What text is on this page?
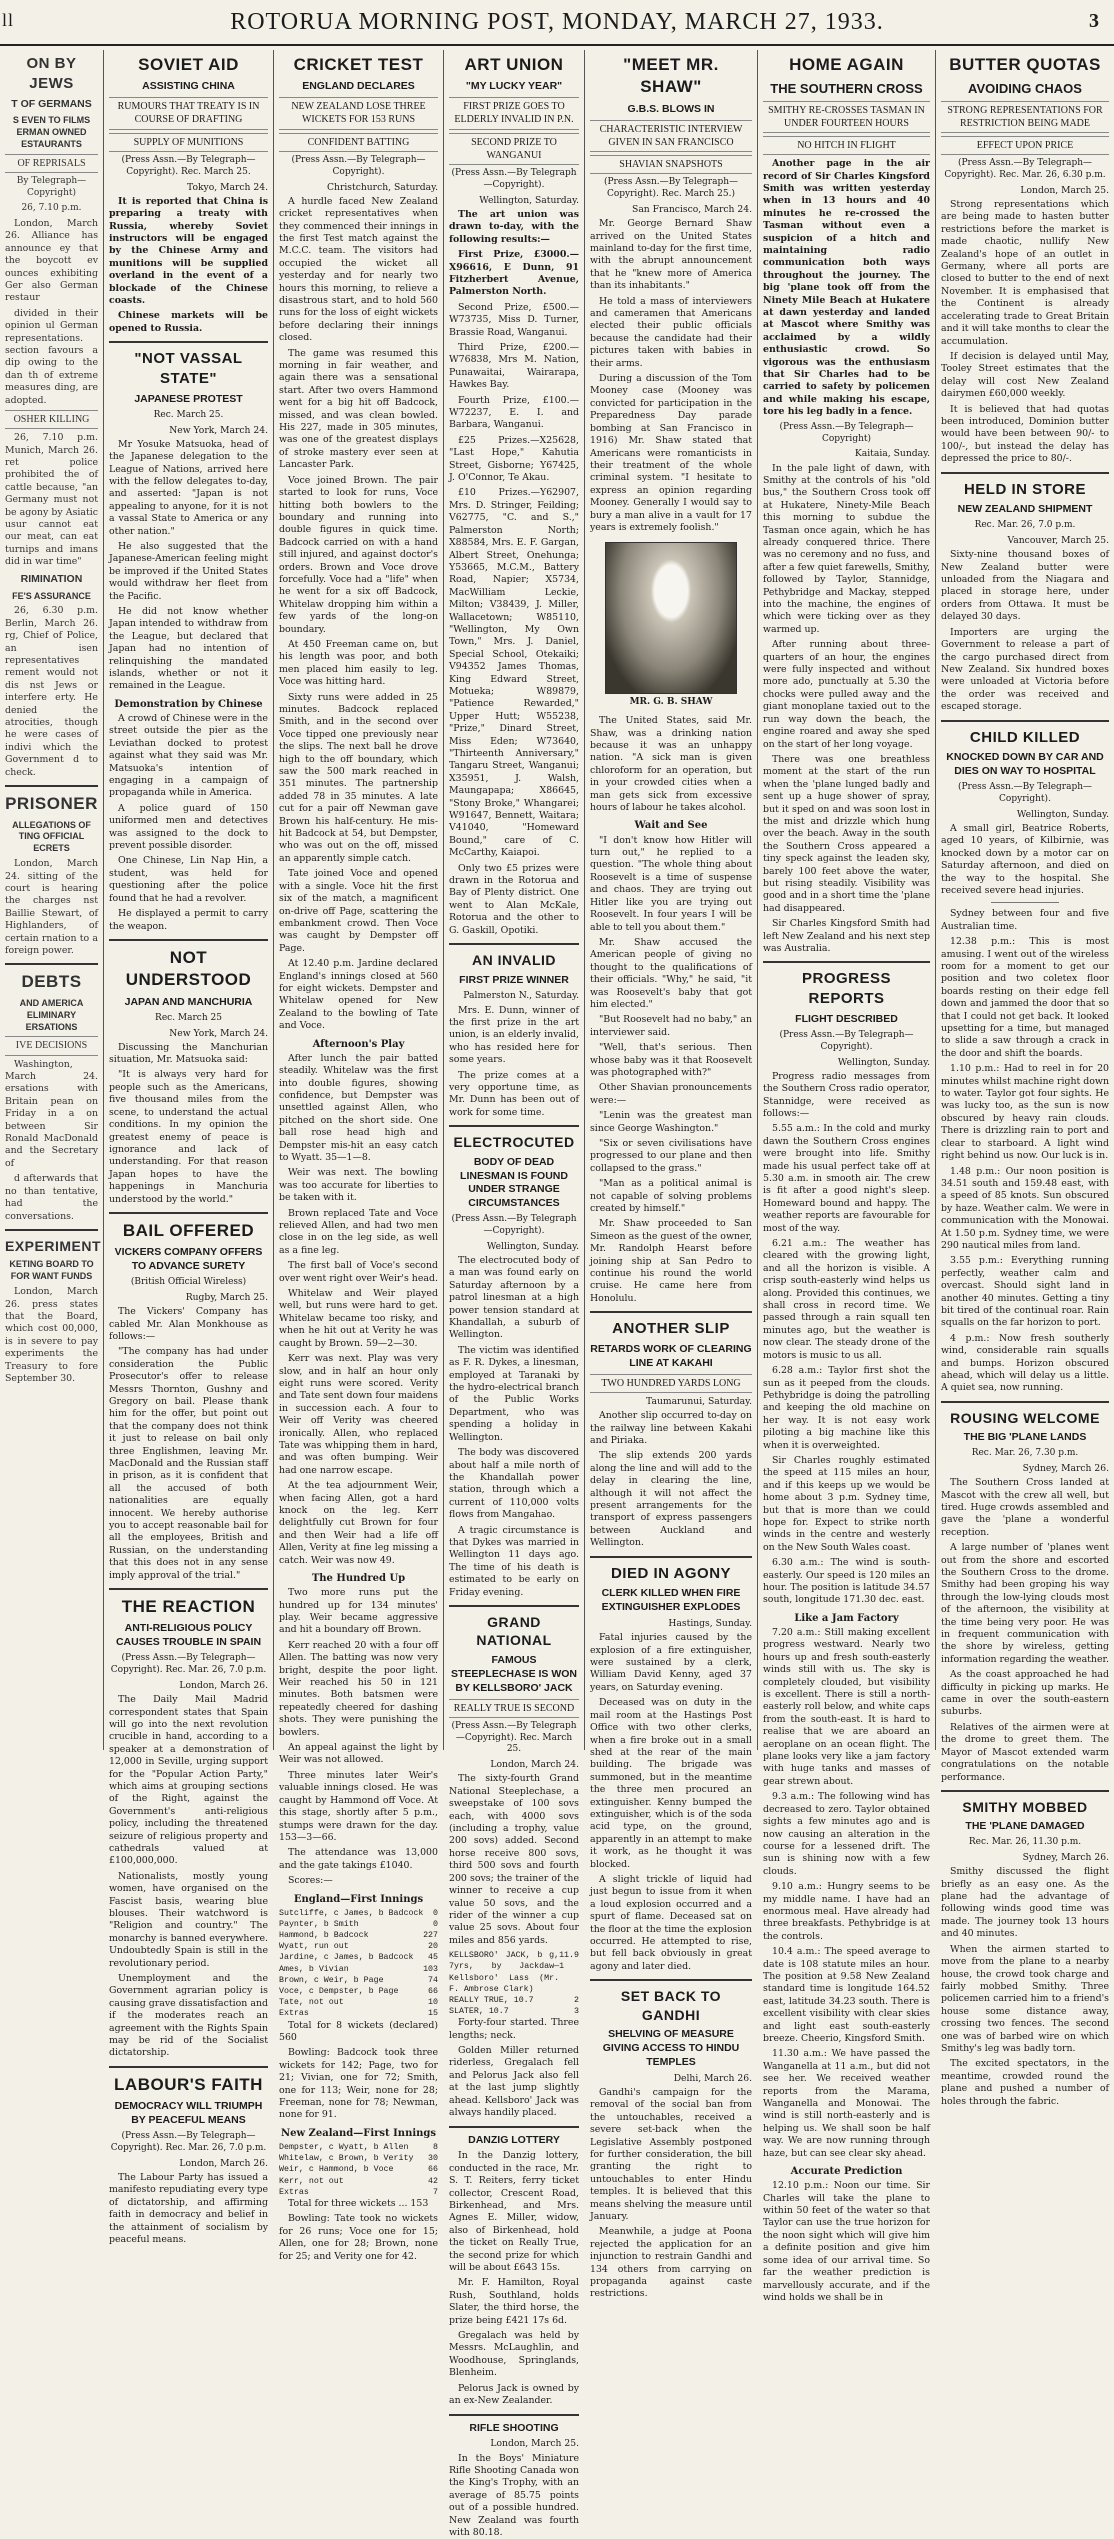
ll	ROTORUA MORNING POST, MONDAY, MARCH 27, 1933.	3
ON BY JEWS
T OF GERMANS
S EVEN TO FILMS ERMAN OWNED ESTAURANTS
OF REPRISALS
By Telegraph—Copyright)
26, 7.10 p.m.

London, March 26. Alliance has announce ey that the boycott ev ounces exhibiting Ger also German restaur

divided in their opinion ul German representations. section favours a dip owing to the dan th of extreme measures ding, are adopted.

OSHER KILLING

26, 7.10 p.m. Munich, March 26. ret police prohibited the of cattle because, "an Germany must not be agony by Asiatic usur cannot eat our meat, can eat turnips and imans did in war time"

RIMINATION
FE'S ASSURANCE

26, 6.30 p.m. Berlin, March 26. rg, Chief of Police, an isen representatives rement would not dis nst Jews or interfere erty. He denied the atrocities, though he were cases of indivi which the Government d to check.

PRISONER
ALLEGATIONS OF TING OFFICIAL ECRETS

London, March 24. sitting of the court is hearing the charges nst Baillie Stewart, of Highlanders, of certain rnation to a foreign power.

DEBTS
AND AMERICA ELIMINARY ERSATIONS
IVE DECISIONS

Washington, March 24. ersations with Britain pean on Friday in a on between Sir Ronald MacDonald and the Secretary of

d afterwards that no than tentative, had the conversations.

EXPERIMENT
KETING BOARD TO FOR WANT FUNDS

London, March 26. press states that the Board, which cost 00,000, is in severe to pay experiments the Treasury to fore September 30.

SOVIET AID
ASSISTING CHINA
RUMOURS THAT TREATY IS IN COURSE OF DRAFTING
SUPPLY OF MUNITIONS
(Press Assn.—By Telegraph—Copyright). Rec. March 25.
Tokyo, March 24.

It is reported that China is preparing a treaty with Russia, whereby Soviet instructors will be engaged by the Chinese Army and munitions will be supplied overland in the event of a blockade of the Chinese coasts.

Chinese markets will be opened to Russia.

"NOT VASSAL STATE"
JAPANESE PROTEST
Rec. March 25.
New York, March 24.

Mr Yosuke Matsuoka, head of the Japanese delegation to the League of Nations, arrived here with the fellow delegates to-day, and asserted: "Japan is not appealing to anyone, for it is not a vassal State to America or any other nation."

He also suggested that the Japanese-American feeling might be improved if the United States would withdraw her fleet from the Pacific.

He did not know whether Japan intended to withdraw from the League, but declared that Japan had no intention of relinquishing the mandated islands, whether or not it remained in the League.

Demonstration by Chinese

A crowd of Chinese were in the street outside the pier as the Leviathan docked to protest against what they said was Mr. Matsuoka's intention of engaging in a campaign of propaganda while in America.

A police guard of 150 uniformed men and detectives was assigned to the dock to prevent possible disorder.

One Chinese, Lin Nap Hin, a student, was held for questioning after the police found that he had a revolver.

He displayed a permit to carry the weapon.

NOT UNDERSTOOD
JAPAN AND MANCHURIA
Rec. March 25
New York, March 24.

Discussing the Manchurian situation, Mr. Matsuoka said:

"It is always very hard for people such as the Americans, five thousand miles from the scene, to understand the actual conditions. In my opinion the greatest enemy of peace is ignorance and lack of understanding. For that reason Japan hopes to have the happenings in Manchuria understood by the world."

BAIL OFFERED
VICKERS COMPANY OFFERS TO ADVANCE SURETY
(British Official Wireless)
Rugby, March 25.

The Vickers' Company has cabled Mr. Alan Monkhouse as follows:—

"The company has had under consideration the Public Prosecutor's offer to release Messrs Thornton, Gushny and Gregory on bail. Please thank him for the offer, but point out that the company does not think it just to release on bail only three Englishmen, leaving Mr. MacDonald and the Russian staff in prison, as it is confident that all the accused of both nationalities are equally innocent. We hereby authorise you to accept reasonable bail for all the employees, British and Russian, on the understanding that this does not in any sense imply approval of the trial."

THE REACTION
ANTI-RELIGIOUS POLICY CAUSES TROUBLE IN SPAIN
(Press Assn.—By Telegraph—Copyright). Rec. Mar. 26, 7.0 p.m.
London, March 26.

The Daily Mail Madrid correspondent states that Spain will go into the next revolution crucible in hand, according to a speaker at a demonstration of 12,000 in Seville, urging support for the "Popular Action Party," which aims at grouping sections of the Right, against the Government's anti-religious policy, including the threatened seizure of religious property and cathedrals valued at £100,000,000.

Nationalists, mostly young women, have organised on the Fascist basis, wearing blue blouses. Their watchword is "Religion and country." The monarchy is banned everywhere. Undoubtedly Spain is still in the revolutionary period.

Unemployment and the Government agrarian policy is causing grave dissatisfaction and if the moderates reach an agreement with the Rights Spain may be rid of the Socialist dictatorship.

LABOUR'S FAITH
DEMOCRACY WILL TRIUMPH BY PEACEFUL MEANS
(Press Assn.—By Telegraph—Copyright). Rec. Mar. 26, 7.0 p.m.
London, March 26.

The Labour Party has issued a manifesto repudiating every type of dictatorship, and affirming faith in democracy and belief in the attainment of socialism by peaceful means.

CRICKET TEST
ENGLAND DECLARES
NEW ZEALAND LOSE THREE WICKETS FOR 153 RUNS
CONFIDENT BATTING
(Press Assn.—By Telegraph—Copyright).
Christchurch, Saturday.

A hurdle faced New Zealand cricket representatives when they commenced their innings in the first Test match against the M.C.C. team. The visitors had occupied the wicket all yesterday and for nearly two hours this morning, to relieve a disastrous start, and to hold 560 runs for the loss of eight wickets before declaring their innings closed.

The game was resumed this morning in fair weather, and again there was a sensational start. After two overs Hammond went for a big hit off Badcock, missed, and was clean bowled. His 227, made in 305 minutes, was one of the greatest displays of stroke mastery ever seen at Lancaster Park.

Voce joined Brown. The pair started to look for runs, Voce hitting both bowlers to the boundary and running into double figures in quick time. Badcock carried on with a hand still injured, and against doctor's orders. Brown and Voce drove forcefully. Voce had a "life" when he went for a six off Badcock, Whitelaw dropping him within a few yards of the long-on boundary.

At 450 Freeman came on, but his length was poor, and both men placed him easily to leg. Voce was hitting hard.

Sixty runs were added in 25 minutes. Badcock replaced Smith, and in the second over Voce tipped one previously near the slips. The next ball he drove high to the off boundary, which saw the 500 mark reached in 351 minutes. The partnership added 78 in 35 minutes. A late cut for a pair off Newman gave Brown his half-century. He mis-hit Badcock at 54, but Dempster, who was out on the off, missed an apparently simple catch.

Tate joined Voce and opened with a single. Voce hit the first six of the match, a magnificent on-drive off Page, scattering the embankment crowd. Then Voce was caught by Dempster off Page.

At 12.40 p.m. Jardine declared England's innings closed at 560 for eight wickets. Dempster and Whitelaw opened for New Zealand to the bowling of Tate and Voce.

Afternoon's Play

After lunch the pair batted steadily. Whitelaw was the first into double figures, showing confidence, but Dempster was unsettled against Allen, who pitched on the short side. One ball rose head high and Dempster mis-hit an easy catch to Wyatt. 35—1—8.

Weir was next. The bowling was too accurate for liberties to be taken with it.

Brown replaced Tate and Voce relieved Allen, and had two men close in on the leg side, as well as a fine leg.

The first ball of Voce's second over went right over Weir's head.

Whitelaw and Weir played well, but runs were hard to get. Whitelaw became too risky, and when he hit out at Verity he was caught by Brown. 59—2—30.

Kerr was next. Play was very slow, and in half an hour only eight runs were scored. Verity and Tate sent down four maidens in succession each. A four to Weir off Verity was cheered ironically. Allen, who replaced Tate was whipping them in hard, and was often bumping. Weir had one narrow escape.

At the tea adjournment Weir, when facing Allen, got a hard knock on the leg. Kerr delightfully cut Brown for four and then Weir had a life off Allen, Verity at fine leg missing a catch. Weir was now 49.

The Hundred Up

Two more runs put the hundred up for 134 minutes' play. Weir became aggressive and hit a boundary off Brown.

Kerr reached 20 with a four off Allen. The batting was now very bright, despite the poor light. Weir reached his 50 in 121 minutes. Both batsmen were repeatedly cheered for dashing shots. They were punishing the bowlers.

An appeal against the light by Weir was not allowed.

Three minutes later Weir's valuable innings closed. He was caught by Hammond off Voce. At this stage, shortly after 5 p.m., stumps were drawn for the day. 153—3—66.

The attendance was 13,000 and the gate takings £1040.

Scores:—

England—First Innings
Sutcliffe, c James, b Badcock 0
Paynter, b Smith	0
Hammond, b Badcock	227
Wyatt, run out	20
Jardine, c James, b Badcock 45
Ames, b Vivian	103
Brown, c Weir, b Page	74
Voce, c Dempster, b Page	66
Tate, not out	10
Extras	15

Total for 8 wickets (declared) 560

Bowling: Badcock took three wickets for 142; Page, two for 21; Vivian, one for 72; Smith, one for 113; Weir, none for 28; Freeman, none for 78; Newman, none for 91.

New Zealand—First Innings
Dempster, c Wyatt, b Allen	8
Whitelaw, c Brown, b Verity 30
Weir, c Hammond, b Voce	66
Kerr, not out	42
Extras	7

Total for three wickets ... 153

Bowling: Tate took no wickets for 26 runs; Voce one for 15; Allen, one for 28; Brown, none for 25; and Verity one for 42.

ART UNION
"MY LUCKY YEAR"
FIRST PRIZE GOES TO ELDERLY INVALID IN P.N.
SECOND PRIZE TO WANGANUI
(Press Assn.—By Telegraph—Copyright).
Wellington, Saturday.

The art union was drawn to-day, with the following results:—

First Prize, £3000.—X96616, E Dunn, 91 Fitzherbert Avenue, Palmerston North.

Second Prize, £500.—W73735, Miss D. Turner, Brassie Road, Wanganui.

Third Prize, £200.—W76838, Mrs M. Nation, Punawaitai, Wairarapa, Hawkes Bay.

Fourth Prize, £100.—W72237, E. I. and Barbara, Wanganui.

£25 Prizes.—X25628, "Last Hope," Kahutia Street, Gisborne; Y67425, J. O'Connor, Te Akau.

£10 Prizes.—Y62907, Mrs. D. Stringer, Feilding; V62775, "C. and S.," Palmerston North; X88584, Mrs. E. F. Gargan, Albert Street, Onehunga; Y53665, M.C.M., Battery Road, Napier; X5734, MacWilliam Leckie, Milton; V38439, J. Miller, Wallacetown; W85110, "Wellington, My Own Town," Mrs. J. Daniel, Special School, Otekaiki; V94352 James Thomas, King Edward Street, Motueka; W89879, "Patience Rewarded," Upper Hutt; W55238, "Prize," Dinard Street, Miss Eden; W73640, "Thirteenth Anniversary," Tangaru Street, Wanganui; X35951, J. Walsh, Maungapapa; X86645, "Stony Broke," Whangarei; W91647, Bennett, Waitara; V41040, "Homeward Bound," care of C. McCarthy, Kaiapoi.

Only two £5 prizes were drawn in the Rotorua and Bay of Plenty district. One went to Alan McKale, Rotorua and the other to G. Gaskill, Opotiki.

AN INVALID
FIRST PRIZE WINNER
Palmerston N., Saturday.

Mrs. E. Dunn, winner of the first prize in the art union, is an elderly invalid, who has resided here for some years.

The prize comes at a very opportune time, as Mr. Dunn has been out of work for some time.

ELECTROCUTED
BODY OF DEAD LINESMAN IS FOUND UNDER STRANGE CIRCUMSTANCES
(Press Assn.—By Telegraph—Copyright).
Wellington, Sunday.

The electrocuted body of a man was found early on Saturday afternoon by a patrol linesman at a high power tension standard at Khandallah, a suburb of Wellington.

The victim was identified as F. R. Dykes, a linesman, employed at Taranaki by the hydro-electrical branch of the Public Works Department, who was spending a holiday in Wellington.

The body was discovered about half a mile north of the Khandallah power station, through which a current of 110,000 volts flows from Mangahao.

A tragic circumstance is that Dykes was married in Wellington 11 days ago. The time of his death is estimated to be early on Friday evening.

GRAND NATIONAL
FAMOUS STEEPLECHASE IS WON BY KELLSBORO' JACK
REALLY TRUE IS SECOND
(Press Assn.—By Telegraph—Copyright). Rec. March 25.
London, March 24.

The sixty-fourth Grand National Steeplechase, a sweepstake of 100 sovs each, with 4000 sovs (including a trophy, value 200 sovs) added. Second horse receive 800 sovs, third 500 sovs and fourth 200 sovs; the trainer of the winner to receive a cup value 50 sovs, and the rider of the winner a cup value 25 sovs. About four miles and 856 yards.

KELLSBORO' JACK, b g, 7yrs, by Jackdaw—Kellsboro' Lass (Mr. F. Ambrose Clark)
11.9 1
REALLY TRUE, 10.7	2
SLATER, 10.7	3

Forty-four started. Three lengths; neck.

Golden Miller returned riderless, Gregalach fell and Pelorus Jack also fell at the last jump slightly ahead. Kellsboro' Jack was always handily placed.

DANZIG LOTTERY

In the Danzig lottery, conducted in the race, Mr. S. T. Reiters, ferry ticket collector, Crescent Road, Birkenhead, and Mrs. Agnes E. Miller, widow, also of Birkenhead, hold the ticket on Really True, the second prize for which will be about £643 15s.

Mr. F. Hamilton, Royal Rush, Southland, holds Slater, the third horse, the prize being £421 17s 6d.

Gregalach was held by Messrs. McLaughlin, and Woodhouse, Springlands, Blenheim.

Pelorus Jack is owned by an ex-New Zealander.

RIFLE SHOOTING
London, March 25.

In the Boys' Miniature Rifle Shooting Canada won the King's Trophy, with an average of 85.75 points out of a possible hundred. New Zealand was fourth with 80.18.

"MEET MR. SHAW"
G.B.S. BLOWS IN
CHARACTERISTIC INTERVIEW GIVEN IN SAN FRANCISCO
SHAVIAN SNAPSHOTS
(Press Assn.—By Telegraph—Copyright). Rec. March 25.)
San Francisco, March 24.

Mr. George Bernard Shaw arrived on the United States mainland to-day for the first time, with the abrupt announcement that he "knew more of America than its inhabitants."

He told a mass of interviewers and cameramen that Americans elected their public officials because the candidate had their pictures taken with babies in their arms.

During a discussion of the Tom Mooney case (Mooney was convicted for participation in the Preparedness Day parade bombing at San Francisco in 1916) Mr. Shaw stated that Americans were romanticists in their treatment of the whole criminal system. "I hesitate to express an opinion regarding Mooney. Generally I would say to bury a man alive in a vault for 17 years is extremely foolish."

MR. G. B. SHAW

The United States, said Mr. Shaw, was a drinking nation because it was an unhappy nation. "A sick man is given chloroform for an operation, but in your crowded cities when a man gets sick from excessive hours of labour he takes alcohol.

Wait and See

"I don't know how Hitler will turn out," he replied to a question. "The whole thing about Roosevelt is a time of suspense and chaos. They are trying out Hitler like you are trying out Roosevelt. In four years I will be able to tell you about them."

Mr. Shaw accused the American people of giving no thought to the qualifications of their officials. "Why," he said, "it was Roosevelt's baby that got him elected."

"But Roosevelt had no baby," an interviewer said.

"Well, that's serious. Then whose baby was it that Roosevelt was photographed with?"

Other Shavian pronouncements were:—

"Lenin was the greatest man since George Washington."

"Six or seven civilisations have progressed to our plane and then collapsed to the grass."

"Man as a political animal is not capable of solving problems created by himself."

Mr. Shaw proceeded to San Simeon as the guest of the owner, Mr. Randolph Hearst before joining ship at San Pedro to continue his round the world cruise. He came here from Honolulu.

ANOTHER SLIP
RETARDS WORK OF CLEARING LINE AT KAKAHI
TWO HUNDRED YARDS LONG
Taumarunui, Saturday.

Another slip occurred to-day on the railway line between Kakahi and Piriaka.

The slip extends 200 yards along the line and will add to the delay in clearing the line, although it will not affect the present arrangements for the transport of express passengers between Auckland and Wellington.

DIED IN AGONY
CLERK KILLED WHEN FIRE EXTINGUISHER EXPLODES
Hastings, Sunday.

Fatal injuries caused by the explosion of a fire extinguisher, were sustained by a clerk, William David Kenny, aged 37 years, on Saturday evening.

Deceased was on duty in the mail room at the Hastings Post Office with two other clerks, when a fire broke out in a small shed at the rear of the main building. The brigade was summoned, but in the meantime the three men procured an extinguisher. Kenny bumped the extinguisher, which is of the soda acid type, on the ground, apparently in an attempt to make it work, as he thought it was blocked.

A slight trickle of liquid had just begun to issue from it when a loud explosion occurred and a spurt of flame. Deceased sat on the floor at the time the explosion occurred. He attempted to rise, but fell back obviously in great agony and later died.

SET BACK TO GANDHI
SHELVING OF MEASURE GIVING ACCESS TO HINDU TEMPLES
Delhi, March 26.

Gandhi's campaign for the removal of the social ban from the untouchables, received a severe set-back when the Legislative Assembly postponed for further consideration, the bill granting the right to untouchables to enter Hindu temples. It is believed that this means shelving the measure until January.

Meanwhile, a judge at Poona rejected the application for an injunction to restrain Gandhi and 134 others from carrying on propaganda against caste restrictions.

HOME AGAIN
THE SOUTHERN CROSS
SMITHY RE-CROSSES TASMAN IN UNDER FOURTEEN HOURS
NO HITCH IN FLIGHT

Another page in the air record of Sir Charles Kingsford Smith was written yesterday when in 13 hours and 40 minutes he re-crossed the Tasman without even a suspicion of a hitch and maintaining radio communication both ways throughout the journey. The big 'plane took off from the Ninety Mile Beach at Hukatere at dawn yesterday and landed at Mascot where Smithy was acclaimed by a wildly enthusiastic crowd. So vigorous was the enthusiasm that Sir Charles had to be carried to safety by policemen and while making his escape, tore his leg badly in a fence.

(Press Assn.—By Telegraph—Copyright)
Kaitaia, Sunday.

In the pale light of dawn, with Smithy at the controls of his "old bus," the Southern Cross took off at Hukatere, Ninety-Mile Beach this morning to subdue the Tasman once again, which he has already conquered thrice. There was no ceremony and no fuss, and after a few quiet farewells, Smithy, followed by Taylor, Stannidge, Pethybridge and Mackay, stepped into the machine, the engines of which were ticking over as they warmed up.

After running about three-quarters of an hour, the engines were fully inspected and without more ado, punctually at 5.30 the chocks were pulled away and the giant monoplane taxied out to the run way down the beach, the engine roared and away she sped on the start of her long voyage.

There was one breathless moment at the start of the run when the 'plane lunged badly and sent up a huge shower of spray, but it sped on and was soon lost in the mist and drizzle which hung over the beach. Away in the south the Southern Cross appeared a tiny speck against the leaden sky, barely 100 feet above the water, but rising steadily. Visibility was good and in a short time the 'plane had disappeared.

Sir Charles Kingsford Smith had left New Zealand and his next step was Australia.

PROGRESS REPORTS
FLIGHT DESCRIBED
(Press Assn.—By Telegraph—Copyright).
Wellington, Sunday.

Progress radio messages from the Southern Cross radio operator, Stannidge, were received as follows:—

5.55 a.m.: In the cold and murky dawn the Southern Cross engines were brought into life. Smithy made his usual perfect take off at 5.30 a.m. in smooth air. The crew is fit after a good night's sleep. Homeward bound and happy. The weather reports are favourable for most of the way.

6.21 a.m.: The weather has cleared with the growing light, and all the horizon is visible. A crisp south-easterly wind helps us along. Provided this continues, we shall cross in record time. We passed through a rain squall ten minutes ago, but the weather is now clear. The steady drone of the motors is music to us all.

6.28 a.m.: Taylor first shot the sun as it peeped from the clouds. Pethybridge is doing the patrolling and keeping the old machine on her way. It is not easy work piloting a big machine like this when it is overweighted.

Sir Charles roughly estimated the speed at 115 miles an hour, and if this keeps up we would be home about 3 p.m. Sydney time, but that is more than we could hope for. Expect to strike north winds in the centre and westerly on the New South Wales coast.

6.30 a.m.: The wind is south-easterly. Our speed is 120 miles an hour. The position is latitude 34.57 south, longitude 171.30 dec. east.

Like a Jam Factory

7.20 a.m.: Still making excellent progress westward. Nearly two hours up and fresh south-easterly winds still with us. The sky is completely clouded, but visibility is excellent. There is still a north-easterly roll below, and white caps from the south-east. It is hard to realise that we are aboard an aeroplane on an ocean flight. The plane looks very like a jam factory with huge tanks and masses of gear strewn about.

9.3 a.m.: The following wind has decreased to zero. Taylor obtained sights a few minutes ago and is now causing an alteration in the course for a lessened drift. The sun is shining now with a few clouds.

9.10 a.m.: Hungry seems to be my middle name. I have had an enormous meal. Have already had three breakfasts. Pethybridge is at the controls.

10.4 a.m.: The speed average to date is 108 statute miles an hour. The position at 9.58 New Zealand standard time is longitude 164.52 east, latitude 34.23 south. There is excellent visibility with clear skies and light east south-easterly breeze. Cheerio, Kingsford Smith.

11.30 a.m.: We have passed the Wanganella at 11 a.m., but did not see her. We received weather reports from the Marama, Wanganella and Monowai. The wind is still north-easterly and is helping us. We shall soon be half way. We are now running through haze, but can see clear sky ahead.

Accurate Prediction

12.10 p.m.: Noon our time. Sir Charles will take the plane to within 50 feet of the water so that Taylor can use the true horizon for the noon sight which will give him a definite position and give him some idea of our arrival time. So far the weather prediction is marvellously accurate, and if the wind holds we shall be in

BUTTER QUOTAS
AVOIDING CHAOS
STRONG REPRESENTATIONS FOR RESTRICTION BEING MADE
EFFECT UPON PRICE
(Press Assn.—By Telegraph—Copyright). Rec. Mar. 26, 6.30 p.m.
London, March 25.

Strong representations which are being made to hasten butter restrictions before the market is made chaotic, nullify New Zealand's hope of an outlet in Germany, where all ports are closed to butter to the end of next November. It is emphasised that the Continent is already accelerating trade to Great Britain and it will take months to clear the accumulation.

If decision is delayed until May, Tooley Street estimates that the delay will cost New Zealand dairymen £60,000 weekly.

It is believed that had quotas been introduced, Dominion butter would have been between 90/- to 100/-, but instead the delay has depressed the price to 80/-.

HELD IN STORE
NEW ZEALAND SHIPMENT
Rec. Mar. 26, 7.0 p.m.
Vancouver, March 25.

Sixty-nine thousand boxes of New Zealand butter were unloaded from the Niagara and placed in storage here, under orders from Ottawa. It must be delayed 30 days.

Importers are urging the Government to release a part of the cargo purchased direct from New Zealand. Six hundred boxes were unloaded at Victoria before the order was received and escaped storage.

CHILD KILLED
KNOCKED DOWN BY CAR AND DIES ON WAY TO HOSPITAL
(Press Assn.—By Telegraph—Copyright).
Wellington, Sunday.

A small girl, Beatrice Roberts, aged 10 years, of Kilbirnie, was knocked down by a motor car on Saturday afternoon, and died on the way to the hospital. She received severe head injuries.

Sydney between four and five Australian time.

12.38 p.m.: This is most amusing. I went out of the wireless room for a moment to get our position and two coletex floor boards resting on their edge fell down and jammed the door that so that I could not get back. It looked upsetting for a time, but managed to slide a saw through a crack in the door and shift the boards.

1.10 p.m.: Had to reel in for 20 minutes whilst machine right down to water. Taylor got four sights. He was lucky too, as the sun is now obscured by heavy rain clouds. There is drizzling rain to port and clear to starboard. A light wind right behind us now. Our luck is in.

1.48 p.m.: Our noon position is 34.51 south and 159.48 east, with a speed of 85 knots. Sun obscured by haze. Weather calm. We were in communication with the Monowai. At 1.50 p.m. Sydney time, we were 290 nautical miles from land.

3.55 p.m.: Everything running perfectly, weather calm and overcast. Should sight land in another 40 minutes. Getting a tiny bit tired of the continual roar. Rain squalls on the far horizon to port.

4 p.m.: Now fresh southerly wind, considerable rain squalls and bumps. Horizon obscured ahead, which will delay us a little. A quiet sea, now running.

ROUSING WELCOME
THE BIG 'PLANE LANDS
Rec. Mar. 26, 7.30 p.m.
Sydney, March 26.

The Southern Cross landed at Mascot with the crew all well, but tired. Huge crowds assembled and gave the 'plane a wonderful reception.

A large number of 'planes went out from the shore and escorted the Southern Cross to the drome. Smithy had been groping his way through the low-lying clouds most of the afternoon, the visibility at the time being very poor. He was in frequent communication with the shore by wireless, getting information regarding the weather.

As the coast approached he had difficulty in picking up marks. He came in over the south-eastern suburbs.

Relatives of the airmen were at the drome to greet them. The Mayor of Mascot extended warm congratulations on the notable performance.

SMITHY MOBBED
THE 'PLANE DAMAGED
Rec. Mar. 26, 11.30 p.m.
Sydney, March 26.

Smithy discussed the flight briefly as an easy one. As the plane had the advantage of following winds good time was made. The journey took 13 hours and 40 minutes.

When the airmen started to move from the plane to a nearby house, the crowd took charge and fairly mobbed Smithy. Three policemen carried him to a friend's house some distance away, crossing two fences. The second one was of barbed wire on which Smithy's leg was badly torn.

The excited spectators, in the meantime, crowded round the plane and pushed a number of holes through the fabric.
